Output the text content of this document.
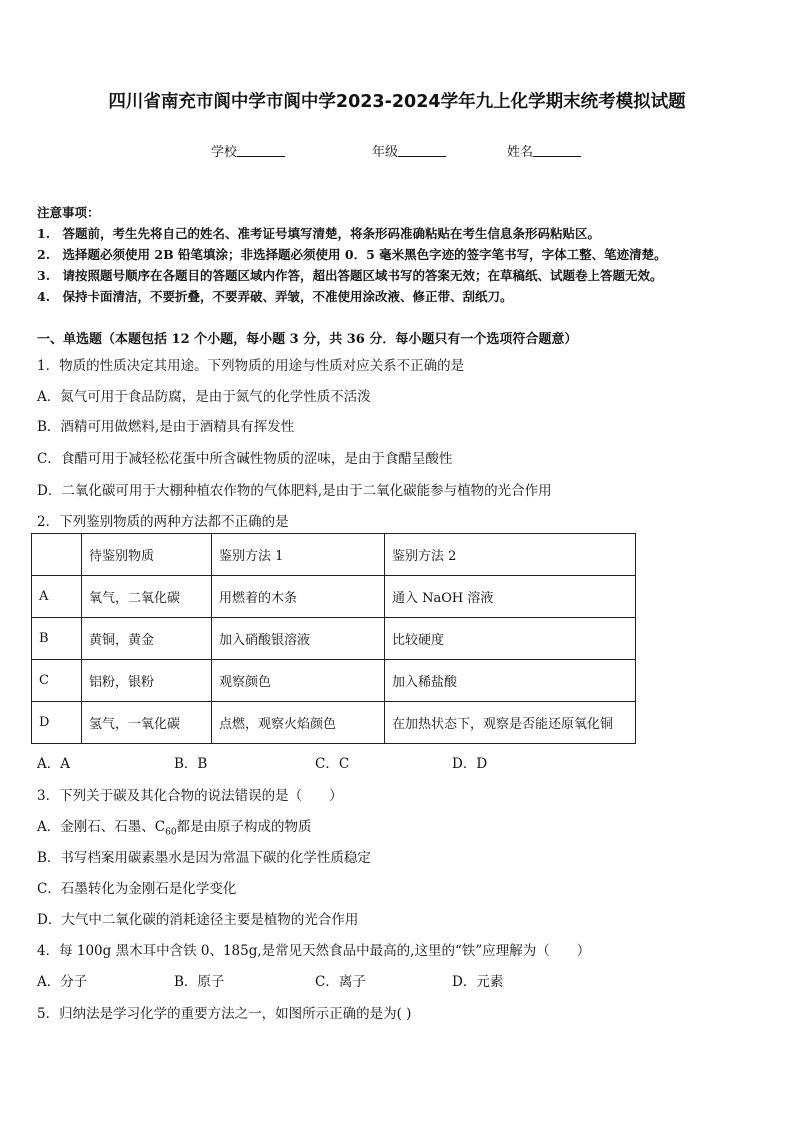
四川省南充市阆中学市阆中学2023-2024学年九上化学期末统考模拟试题
学校	年级	姓名
注意事项：
1.　答题前，考生先将自己的姓名、准考证号填写清楚，将条形码准确粘贴在考生信息条形码粘贴区。
2.　选择题必须使用 2B 铅笔填涂；非选择题必须使用 0．5 毫米黑色字迹的签字笔书写，字体工整、笔迹清楚。
3.　请按照题号顺序在各题目的答题区域内作答，超出答题区域书写的答案无效；在草稿纸、试题卷上答题无效。
4.　保持卡面清洁，不要折叠，不要弄破、弄皱，不准使用涂改液、修正带、刮纸刀。
一、单选题（本题包括 12 个小题，每小题 3 分，共 36 分．每小题只有一个选项符合题意）
1．物质的性质决定其用途。下列物质的用途与性质对应关系不正确的是
A．氮气可用于食品防腐，是由于氮气的化学性质不活泼
B．酒精可用做燃料,是由于酒精具有挥发性
C．食醋可用于减轻松花蛋中所含碱性物质的涩味，是由于食醋呈酸性
D．二氧化碳可用于大棚种植农作物的气体肥料,是由于二氧化碳能参与植物的光合作用
2．下列鉴别物质的两种方法都不正确的是
	待鉴别物质	鉴别方法 1	鉴别方法 2
A	氧气，二氧化碳	用燃着的木条	通入 NaOH 溶液
B	黄铜，黄金	加入硝酸银溶液	比较硬度
C	铝粉，银粉	观察颜色	加入稀盐酸
D	氢气，一氧化碳	点燃，观察火焰颜色	在加热状态下，观察是否能还原氧化铜
A．A	B．B	C．C	D．D
3．下列关于碳及其化合物的说法错误的是（　　）
A．金刚石、石墨、$C_{60}$都是由原子构成的物质
B．书写档案用碳素墨水是因为常温下碳的化学性质稳定
C．石墨转化为金刚石是化学变化
D．大气中二氧化碳的消耗途径主要是植物的光合作用
4．每 100g 黑木耳中含铁 0、185g,是常见天然食品中最高的,这里的“铁”应理解为（　　）
A．分子	B．原子	C．离子	D．元素
5．归纳法是学习化学的重要方法之一，如图所示正确的是为( )
